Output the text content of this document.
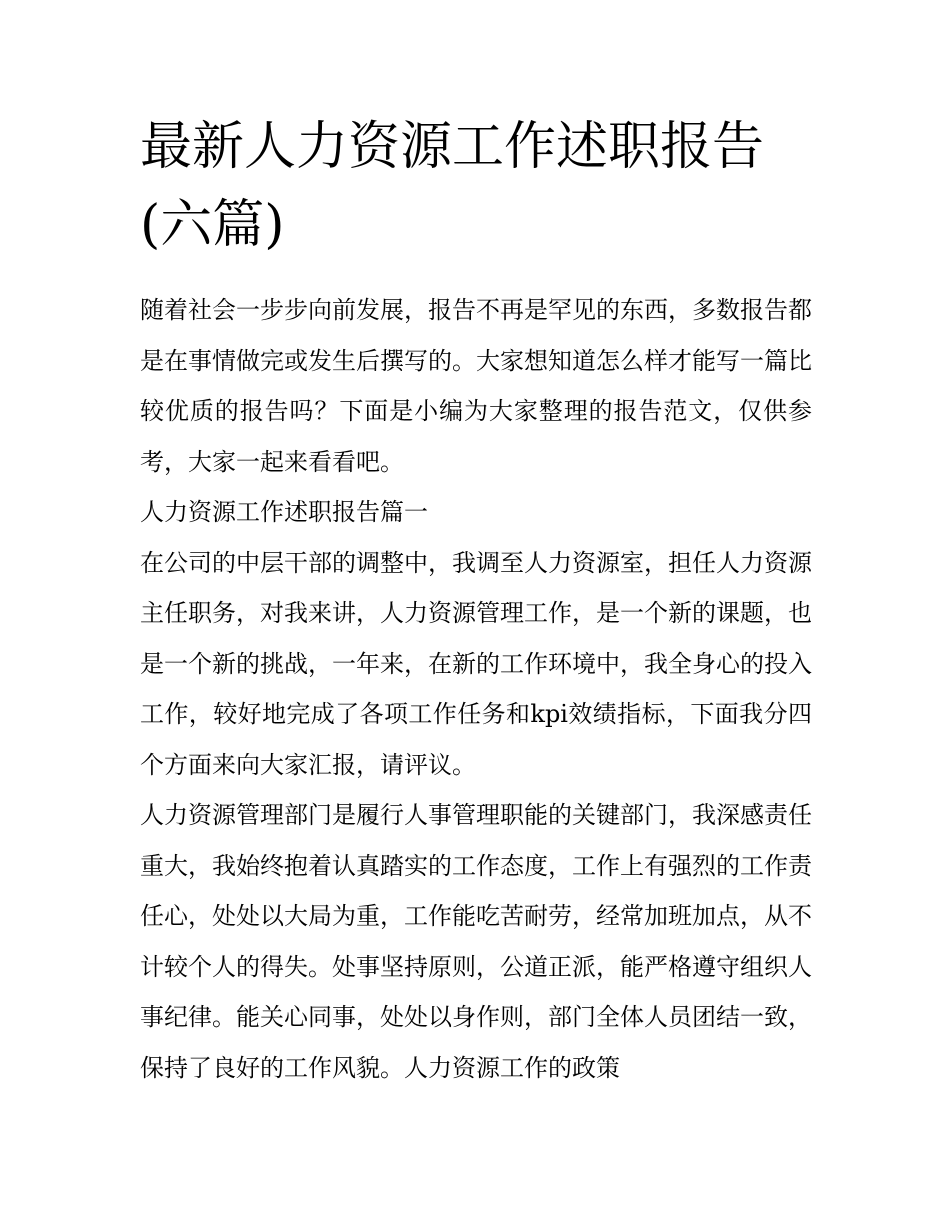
最新人力资源工作述职报告(六篇)

随着社会一步步向前发展，报告不再是罕见的东西，多数报告都是在事情做完或发生后撰写的。大家想知道怎么样才能写一篇比较优质的报告吗？下面是小编为大家整理的报告范文，仅供参考，大家一起来看看吧。

人力资源工作述职报告篇一

在公司的中层干部的调整中，我调至人力资源室，担任人力资源主任职务，对我来讲，人力资源管理工作，是一个新的课题，也是一个新的挑战，一年来，在新的工作环境中，我全身心的投入工作，较好地完成了各项工作任务和kpi效绩指标，下面我分四个方面来向大家汇报，请评议。

人力资源管理部门是履行人事管理职能的关键部门，我深感责任重大，我始终抱着认真踏实的工作态度，工作上有强烈的工作责任心，处处以大局为重，工作能吃苦耐劳，经常加班加点，从不计较个人的得失。处事坚持原则，公道正派，能严格遵守组织人事纪律。能关心同事，处处以身作则，部门全体人员团结一致，保持了良好的工作风貌。人力资源工作的政策
